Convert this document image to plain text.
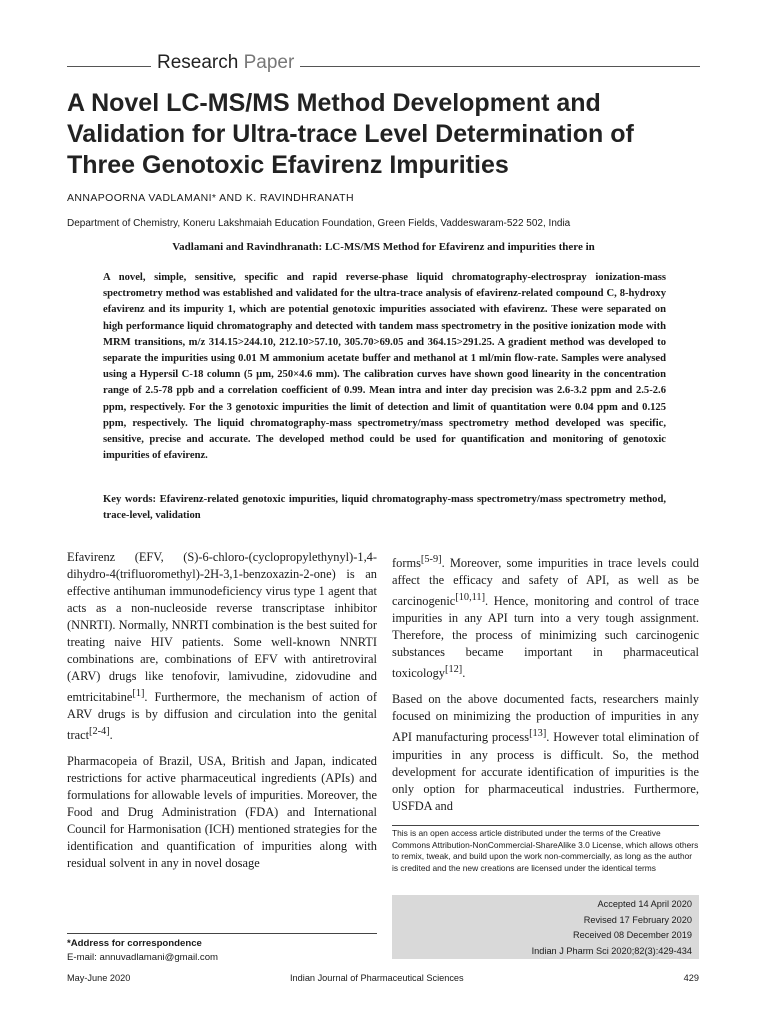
Research Paper
A Novel LC-MS/MS Method Development and Validation for Ultra-trace Level Determination of Three Genotoxic Efavirenz Impurities
ANNAPOORNA VADLAMANI* AND K. RAVINDHRANATH
Department of Chemistry, Koneru Lakshmaiah Education Foundation, Green Fields, Vaddeswaram-522 502, India
Vadlamani and Ravindhranath: LC-MS/MS Method for Efavirenz and impurities there in
A novel, simple, sensitive, specific and rapid reverse-phase liquid chromatography-electrospray ionization-mass spectrometry method was established and validated for the ultra-trace analysis of efavirenz-related compound C, 8-hydroxy efavirenz and its impurity 1, which are potential genotoxic impurities associated with efavirenz. These were separated on high performance liquid chromatography and detected with tandem mass spectrometry in the positive ionization mode with MRM transitions, m/z 314.15>244.10, 212.10>57.10, 305.70>69.05 and 364.15>291.25. A gradient method was developed to separate the impurities using 0.01 M ammonium acetate buffer and methanol at 1 ml/min flow-rate. Samples were analysed using a Hypersil C-18 column (5 µm, 250×4.6 mm). The calibration curves have shown good linearity in the concentration range of 2.5-78 ppb and a correlation coefficient of 0.99. Mean intra and inter day precision was 2.6-3.2 ppm and 2.5-2.6 ppm, respectively. For the 3 genotoxic impurities the limit of detection and limit of quantitation were 0.04 ppm and 0.125 ppm, respectively. The liquid chromatography-mass spectrometry/mass spectrometry method developed was specific, sensitive, precise and accurate. The developed method could be used for quantification and monitoring of genotoxic impurities of efavirenz.
Key words: Efavirenz-related genotoxic impurities, liquid chromatography-mass spectrometry/mass spectrometry method, trace-level, validation

Efavirenz (EFV, (S)-6-chloro-(cyclopropylethynyl)-1,4-dihydro-4(trifluoromethyl)-2H-3,1-benzoxazin-2-one) is an effective antihuman immunodeficiency virus type 1 agent that acts as a non-nucleoside reverse transcriptase inhibitor (NNRTI). Normally, NNRTI combination is the best suited for treating naive HIV patients. Some well-known NNRTI combinations are, combinations of EFV with antiretroviral (ARV) drugs like tenofovir, lamivudine, zidovudine and emtricitabine[1]. Furthermore, the mechanism of action of ARV drugs is by diffusion and circulation into the genital tract[2-4].

Pharmacopeia of Brazil, USA, British and Japan, indicated restrictions for active pharmaceutical ingredients (APIs) and formulations for allowable levels of impurities. Moreover, the Food and Drug Administration (FDA) and International Council for Harmonisation (ICH) mentioned strategies for the identification and quantification of impurities along with residual solvent in any in novel dosage

forms[5-9]. Moreover, some impurities in trace levels could affect the efficacy and safety of API, as well as be carcinogenic[10,11]. Hence, monitoring and control of trace impurities in any API turn into a very tough assignment. Therefore, the process of minimizing such carcinogenic substances became important in pharmaceutical toxicology[12].

Based on the above documented facts, researchers mainly focused on minimizing the production of impurities in any API manufacturing process[13]. However total elimination of impurities in any process is difficult. So, the method development for accurate identification of impurities is the only option for pharmaceutical industries. Furthermore, USFDA and

This is an open access article distributed under the terms of the Creative Commons Attribution-NonCommercial-ShareAlike 3.0 License, which allows others to remix, tweak, and build upon the work non-commercially, as long as the author is credited and the new creations are licensed under the identical terms
Accepted 14 April 2020
Revised 17 February 2020
Received 08 December 2019
Indian J Pharm Sci 2020;82(3):429-434
*Address for correspondence
E-mail: annuvadlamani@gmail.com
May-June 2020	Indian Journal of Pharmaceutical Sciences	429
